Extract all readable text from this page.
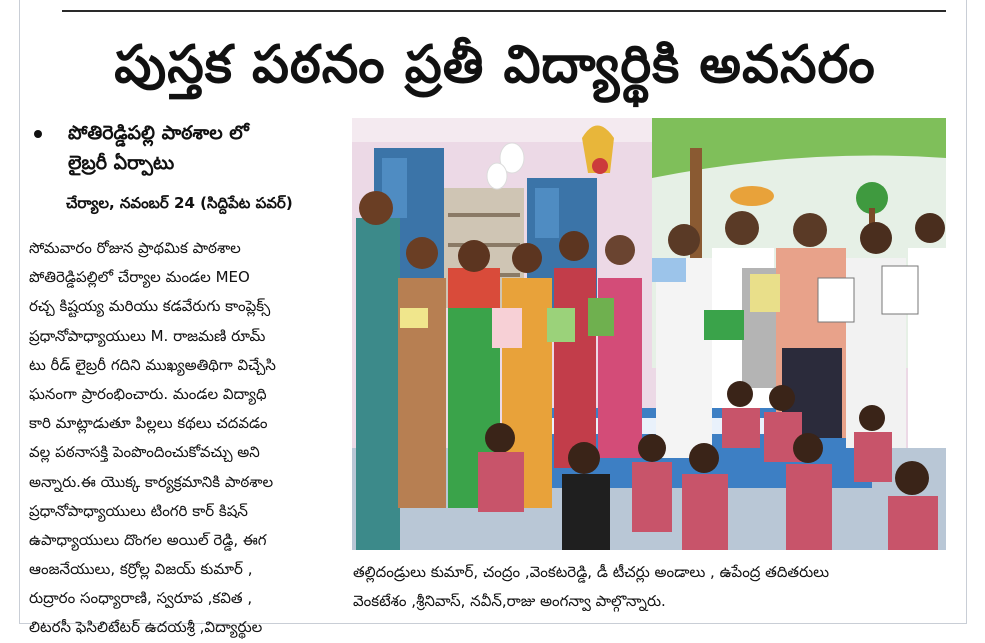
పుస్తక పఠనం ప్రతీ విద్యార్థికి అవసరం
పోతిరెడ్డిపల్లి పాఠశాల లో
లైబ్రరీ ఏర్పాటు
చేర్యాల, నవంబర్ 24 (సిద్దిపేట పవర్)
సోమవారం రోజున ప్రాథమిక పాఠశాల
పోతిరెడ్డిపల్లిలో చేర్యాల మండల MEO
రచ్చ కిష్టయ్య మరియు కడవేరుగు కాంప్లెక్స్
ప్రధానోపాధ్యాయులు M. రాజమణి రూమ్
టు రీడ్ లైబ్రరీ గదిని ముఖ్యఅతిథిగా విచ్చేసి
ఘనంగా ప్రారంభించారు. మండల విద్యాధి
కారి మాట్లాడుతూ పిల్లలు కథలు చదవడం
వల్ల పఠనాసక్తి పెంపొందించుకోవచ్చు అని
అన్నారు.ఈ యొక్క కార్యక్రమానికి పాఠశాల
ప్రధానోపాధ్యాయులు టింగరి కార్ కిషన్
ఉపాధ్యాయులు దొంగల అయిల్ రెడ్డి, ఈగ
ఆంజనేయులు, కర్రోల్ల విజయ్ కుమార్ ,
రుద్రారం సంధ్యారాణి, స్వరూప ,కవిత ,
లిటరసీ ఫెసిలిటేటర్ ఉదయశ్రీ ,విద్యార్థుల
తల్లిదండ్రులు కుమార్, చంద్రం ,వెంకటరెడ్డి, డీ టీచర్లు అండాలు , ఉపేంద్ర తదితరులు
వెంకటేశం ,శ్రీనివాస్, నవీన్,రాజు అంగన్వా పాల్గొన్నారు.
